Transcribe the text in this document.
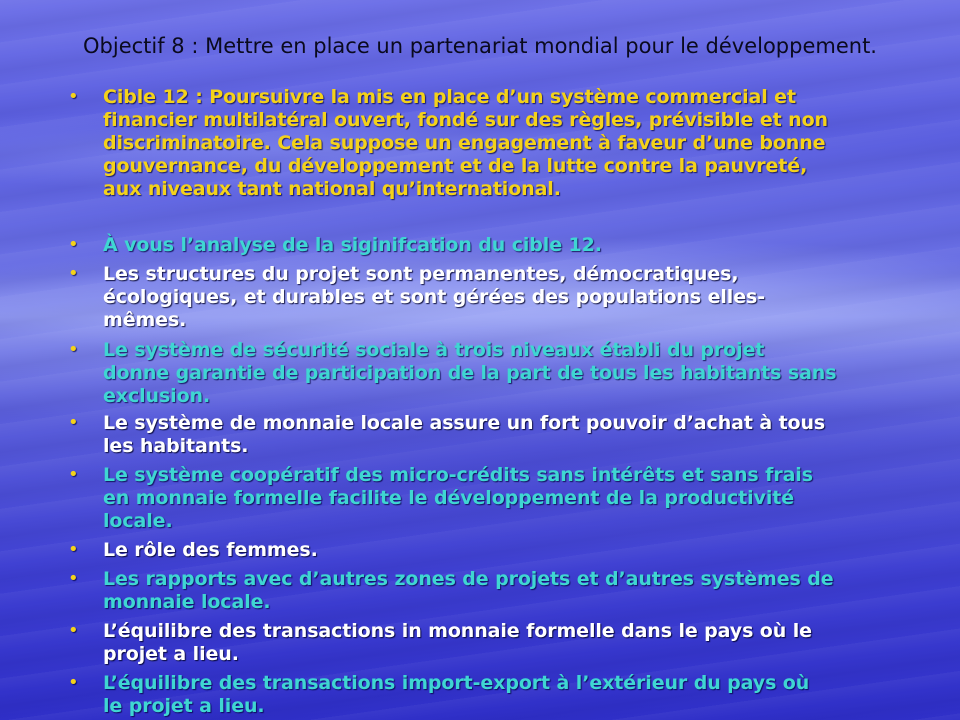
Objectif 8 : Mettre en place un partenariat mondial pour le développement.
• Cible 12 : Poursuivre la mis en place d’un système commercial et
financier multilatéral ouvert, fondé sur des règles, prévisible et non
discriminatoire. Cela suppose un engagement à faveur d’une bonne
gouvernance, du développement et de la lutte contre la pauvreté,
aux niveaux tant national qu’international.
• À vous l’analyse de la siginifcation du cible 12.
• Les structures du projet sont permanentes, démocratiques,
écologiques, et durables et sont gérées des populations elles-
mêmes.
• Le système de sécurité sociale à trois niveaux établi du projet
donne garantie de participation de la part de tous les habitants sans
exclusion.
• Le système de monnaie locale assure un fort pouvoir d’achat à tous
les habitants.
• Le système coopératif des micro-crédits sans intérêts et sans frais
en monnaie formelle facilite le développement de la productivité
locale.
• Le rôle des femmes.
• Les rapports avec d’autres zones de projets et d’autres systèmes de
monnaie locale.
• L’équilibre des transactions in monnaie formelle dans le pays où le
projet a lieu.
• L’équilibre des transactions import-export à l’extérieur du pays où
le projet a lieu.
